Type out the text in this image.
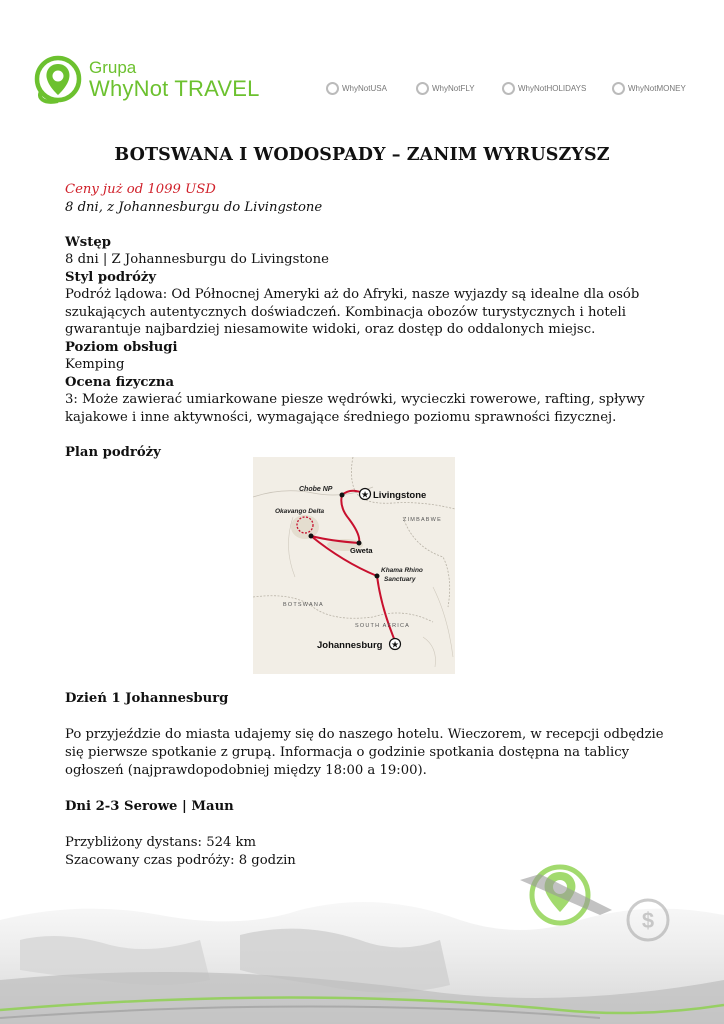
Grupa
WhyNot TRAVEL	WhyNotUSA	WhyNotFLY	WhyNotHOLIDAYS	WhyNotMONEY
BOTSWANA I WODOSPADY – ZANIM WYRUSZYSZ
Ceny już od 1099 USD
8 dni, z Johannesburgu do Livingstone
Wstęp
8 dni | Z Johannesburgu do Livingstone
Styl podróży
Podróż lądowa: Od Północnej Ameryki aż do Afryki, nasze wyjazdy są idealne dla osób szukających autentycznych doświadczeń. Kombinacja obozów turystycznych i hoteli gwarantuje najbardziej niesamowite widoki, oraz dostęp do oddalonych miejsc.
Poziom obsługi
Kemping
Ocena fizyczna
3: Może zawierać umiarkowane piesze wędrówki, wycieczki rowerowe, rafting, spływy kajakowe i inne aktywności, wymagające średniego poziomu sprawności fizycznej.
Plan podróży
★
★
Chobe NP
Livingstone
Okavango Delta
ZIMBABWE
Gweta
Khama Rhino
Sanctuary
BOTSWANA
SOUTH AFRICA
Johannesburg
Dzień 1 Johannesburg
Po przyjeździe do miasta udajemy się do naszego hotelu. Wieczorem, w recepcji odbędzie się pierwsze spotkanie z grupą. Informacja o godzinie spotkania dostępna na tablicy ogłoszeń (najprawdopodobniej między 18:00 a 19:00).
Dni 2-3 Serowe | Maun
Przybliżony dystans: 524 km
Szacowany czas podróży: 8 godzin
$
